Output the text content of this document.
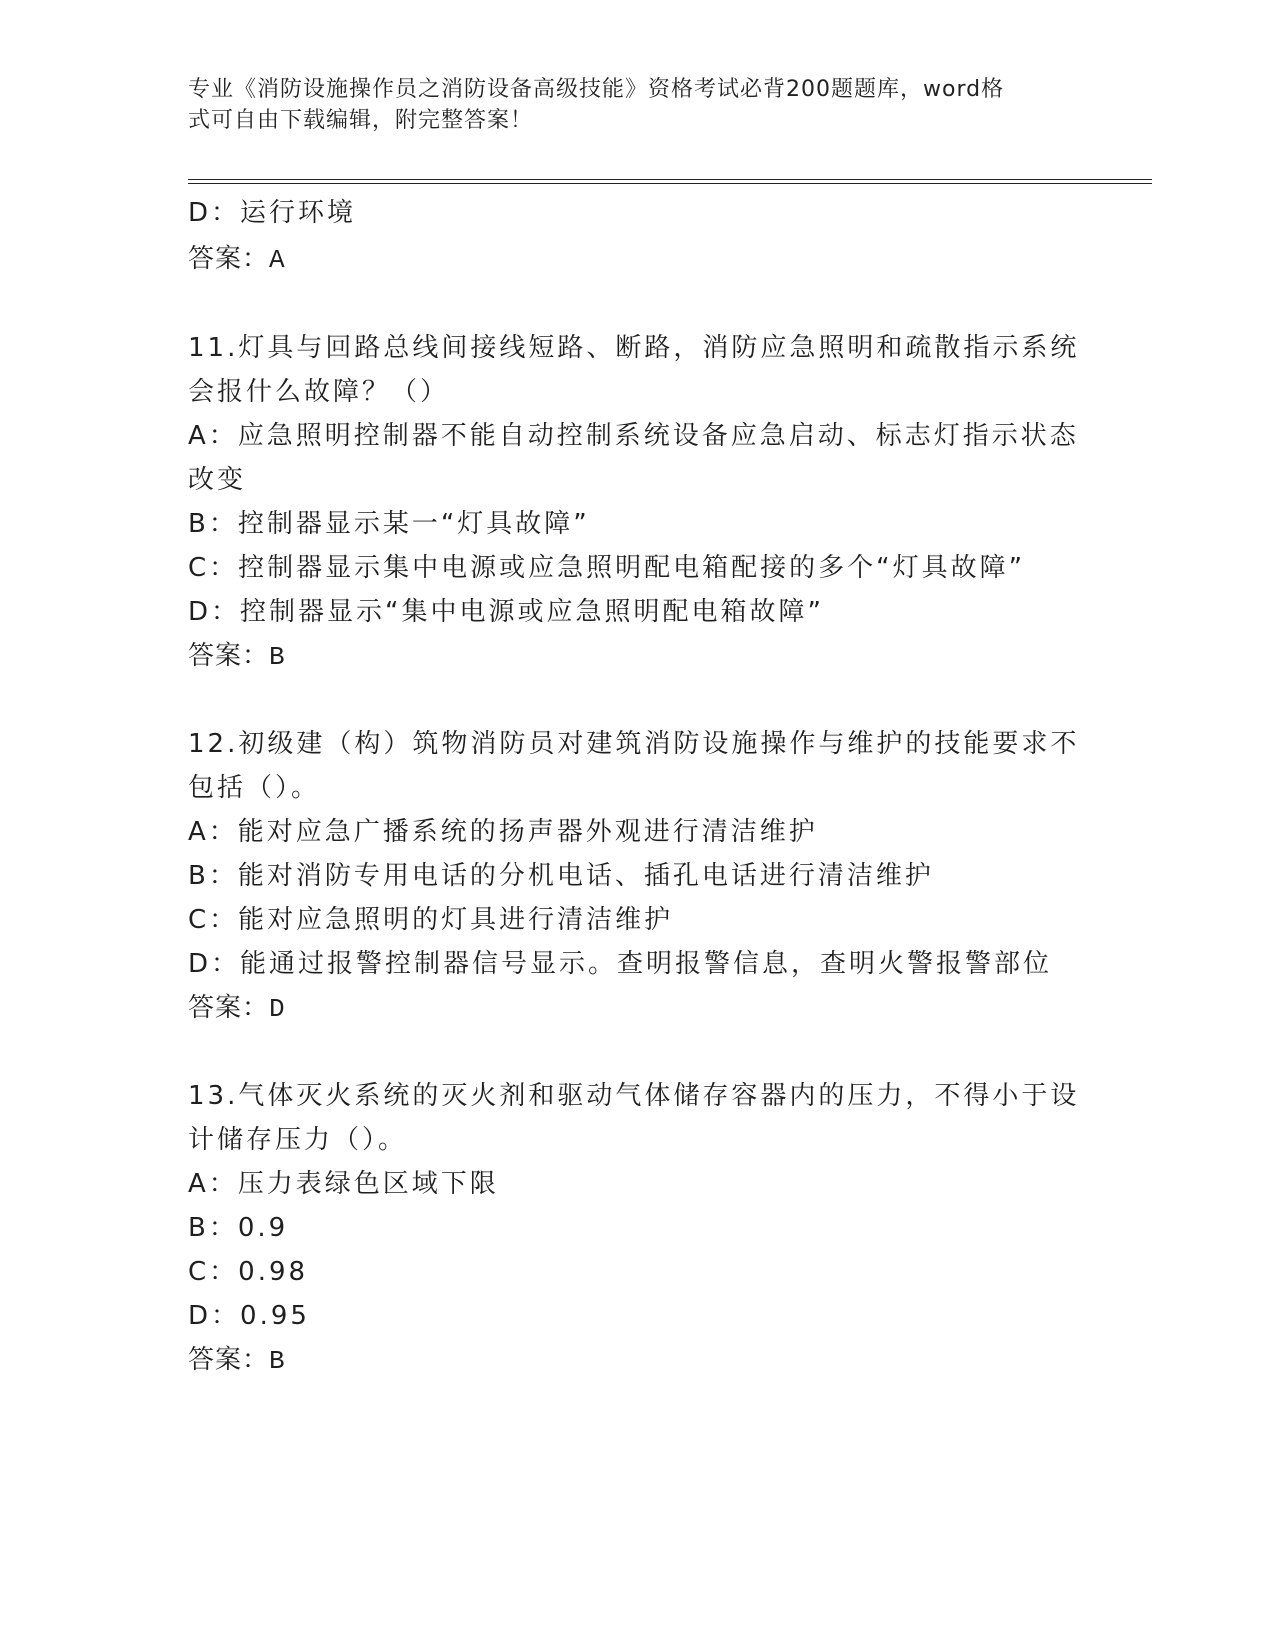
专业《消防设施操作员之消防设备高级技能》资格考试必背200题题库，word格
式可自由下载编辑，附完整答案！
D：运行环境
答案：A
11.灯具与回路总线间接线短路、断路，消防应急照明和疏散指示系统
会报什么故障？（）
A：应急照明控制器不能自动控制系统设备应急启动、标志灯指示状态
改变
B：控制器显示某一“灯具故障”
C：控制器显示集中电源或应急照明配电箱配接的多个“灯具故障”
D：控制器显示“集中电源或应急照明配电箱故障”
答案：B
12.初级建（构）筑物消防员对建筑消防设施操作与维护的技能要求不
包括（）。
A：能对应急广播系统的扬声器外观进行清洁维护
B：能对消防专用电话的分机电话、插孔电话进行清洁维护
C：能对应急照明的灯具进行清洁维护
D：能通过报警控制器信号显示。查明报警信息，查明火警报警部位
答案：D
13.气体灭火系统的灭火剂和驱动气体储存容器内的压力，不得小于设
计储存压力（）。
A：压力表绿色区域下限
B：0.9
C：0.98
D：0.95
答案：B
